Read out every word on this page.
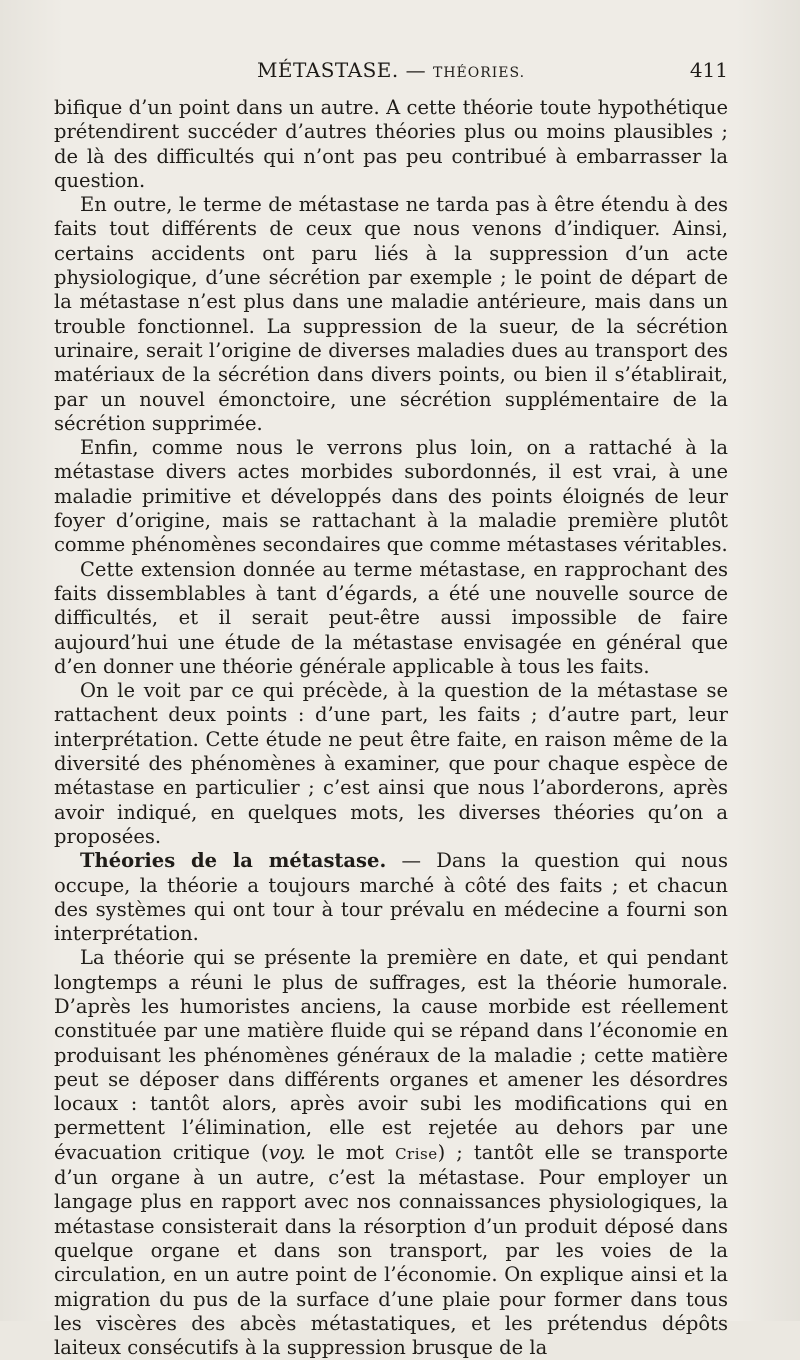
MÉTASTASE. — THÉORIES.	411

bifique d’un point dans un autre. A cette théorie toute hypothétique prétendirent succéder d’autres théories plus ou moins plausibles ; de là des difficultés qui n’ont pas peu contribué à embarrasser la question.

En outre, le terme de métastase ne tarda pas à être étendu à des faits tout différents de ceux que nous venons d’indiquer. Ainsi, certains accidents ont paru liés à la suppression d’un acte physiologique, d’une sécrétion par exemple ; le point de départ de la métastase n’est plus dans une maladie antérieure, mais dans un trouble fonctionnel. La suppression de la sueur, de la sécrétion urinaire, serait l’origine de diverses maladies dues au transport des matériaux de la sécrétion dans divers points, ou bien il s’établirait, par un nouvel émonctoire, une sécrétion supplémentaire de la sécrétion supprimée.

Enfin, comme nous le verrons plus loin, on a rattaché à la métastase divers actes morbides subordonnés, il est vrai, à une maladie primitive et développés dans des points éloignés de leur foyer d’origine, mais se rattachant à la maladie première plutôt comme phénomènes secondaires que comme métastases véritables.

Cette extension donnée au terme métastase, en rapprochant des faits dissemblables à tant d’égards, a été une nouvelle source de difficultés, et il serait peut-être aussi impossible de faire aujourd’hui une étude de la métastase envisagée en général que d’en donner une théorie générale applicable à tous les faits.

On le voit par ce qui précède, à la question de la métastase se rattachent deux points : d’une part, les faits ; d’autre part, leur interprétation. Cette étude ne peut être faite, en raison même de la diversité des phénomènes à examiner, que pour chaque espèce de métastase en particulier ; c’est ainsi que nous l’aborderons, après avoir indiqué, en quelques mots, les diverses théories qu’on a proposées.

Théories de la métastase. — Dans la question qui nous occupe, la théorie a toujours marché à côté des faits ; et chacun des systèmes qui ont tour à tour prévalu en médecine a fourni son interprétation.

La théorie qui se présente la première en date, et qui pendant longtemps a réuni le plus de suffrages, est la théorie humorale. D’après les humoristes anciens, la cause morbide est réellement constituée par une matière fluide qui se répand dans l’économie en produisant les phénomènes généraux de la maladie ; cette matière peut se déposer dans différents organes et amener les désordres locaux : tantôt alors, après avoir subi les modifications qui en permettent l’élimination, elle est rejetée au dehors par une évacuation critique (voy. le mot Crise) ; tantôt elle se transporte d’un organe à un autre, c’est la métastase. Pour employer un langage plus en rapport avec nos connaissances physiologiques, la métastase consisterait dans la résorption d’un produit déposé dans quelque organe et dans son transport, par les voies de la circulation, en un autre point de l’économie. On explique ainsi et la migration du pus de la surface d’une plaie pour former dans tous les viscères des abcès métastatiques, et les prétendus dépôts laiteux consécutifs à la suppression brusque de la
